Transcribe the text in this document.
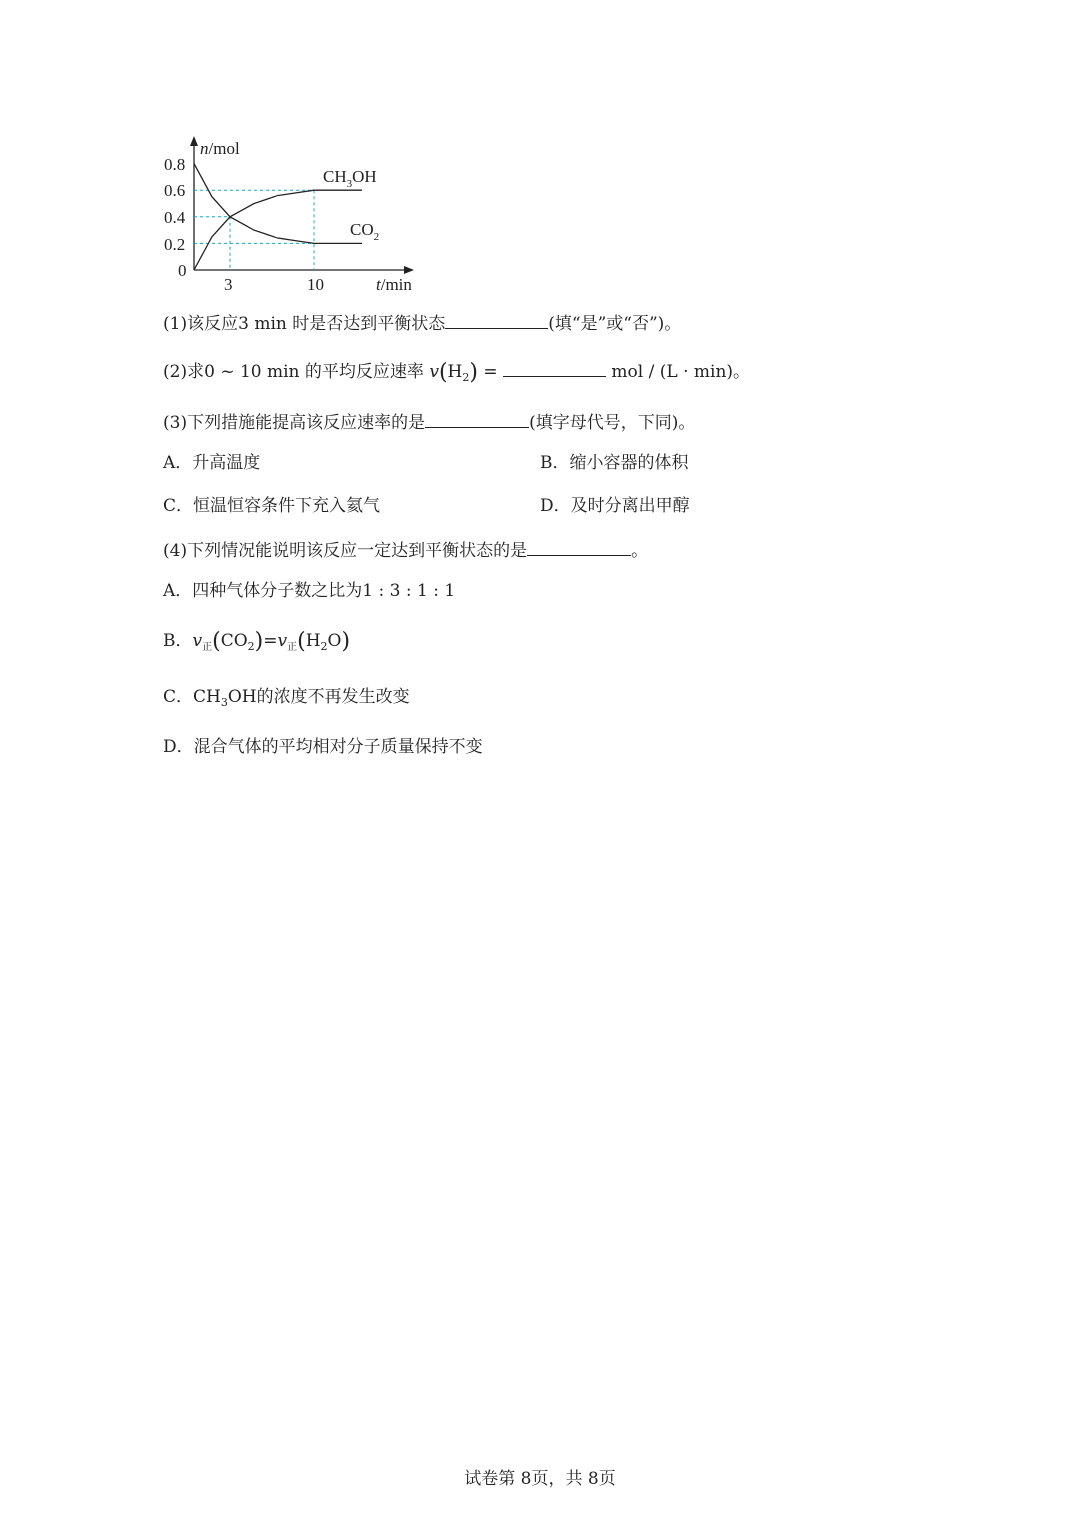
n/mol
t/min
0.8
0.6
0.4
0.2
0
3	10
$CH_3OH$
$CO_2$
(1)该反应3 min 时是否达到平衡状态	(填“是”或“否”)。
(2)求0 ~ 10 min 的平均反应速率 $v(H_2)$ =	mol / (L · min)。
(3)下列措施能提高该反应速率的是	(填字母代号，下同)。
A．升高温度	B．缩小容器的体积
C．恒温恒容条件下充入氦气	D．及时分离出甲醇
(4)下列情况能说明该反应一定达到平衡状态的是	。
A．四种气体分子数之比为1 : 3 : 1 : 1
B．$v_正(CO_2)=v_正(H_2O)$
C．$CH_3OH$的浓度不再发生改变
D．混合气体的平均相对分子质量保持不变
试卷第 8页，共 8页
